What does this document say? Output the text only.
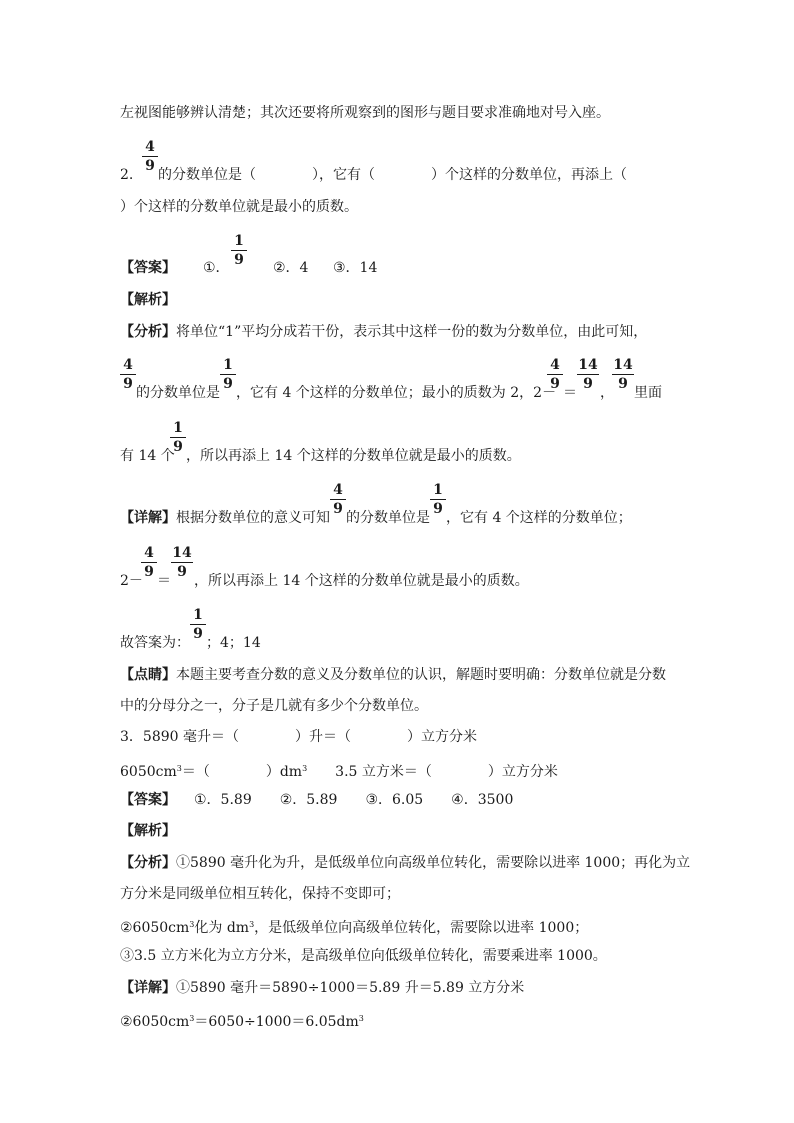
左视图能够辨认清楚；其次还要将所观察到的图形与题目要求准确地对号入座。
2.
4
9
的分数单位是（　　　　），它有（　　　　）个这样的分数单位，再添上（
）个这样的分数单位就是最小的质数。
【答案】 ①．
1
9 ②．4 ③．14
【解析】
【分析】将单位“1”平均分成若干份，表示其中这样一份的数为分数单位，由此可知，
4
9
的分数单位是
1
9
，它有 4 个这样的分数单位；最小的质数为 2，2－
4
9
＝
14
9
，
14
9
里面
有 14 个
1
9
，所以再添上 14 个这样的分数单位就是最小的质数。
【详解】根据分数单位的意义可知
4
9
的分数单位是
1
9
，它有 4 个这样的分数单位；
2－
4
9
＝
14
9
，所以再添上 14 个这样的分数单位就是最小的质数。
故答案为：
1
9
；4；14
【点睛】本题主要考查分数的意义及分数单位的认识，解题时要明确：分数单位就是分数
中的分母分之一，分子是几就有多少个分数单位。
3．5890 毫升＝（　　　　）升＝（　　　　）立方分米
$6050cm^3=$（　　　　）$dm^3$　　3.5 立方米＝（　　　　）立方分米
【答案】 ①．5.89　　②．5.89　　③．6.05　　④．3500
【解析】
【分析】①5890 毫升化为升，是低级单位向高级单位转化，需要除以进率 1000；再化为立
方分米是同级单位相互转化，保持不变即可；
$②6050cm^3$化为 $dm^3$，是低级单位向高级单位转化，需要除以进率 1000；
③3.5 立方米化为立方分米，是高级单位向低级单位转化，需要乘进率 1000。
【详解】①5890 毫升＝5890÷1000＝5.89 升＝5.89 立方分米
$②6050cm^3=6050\div 1000=6.05dm^3$
